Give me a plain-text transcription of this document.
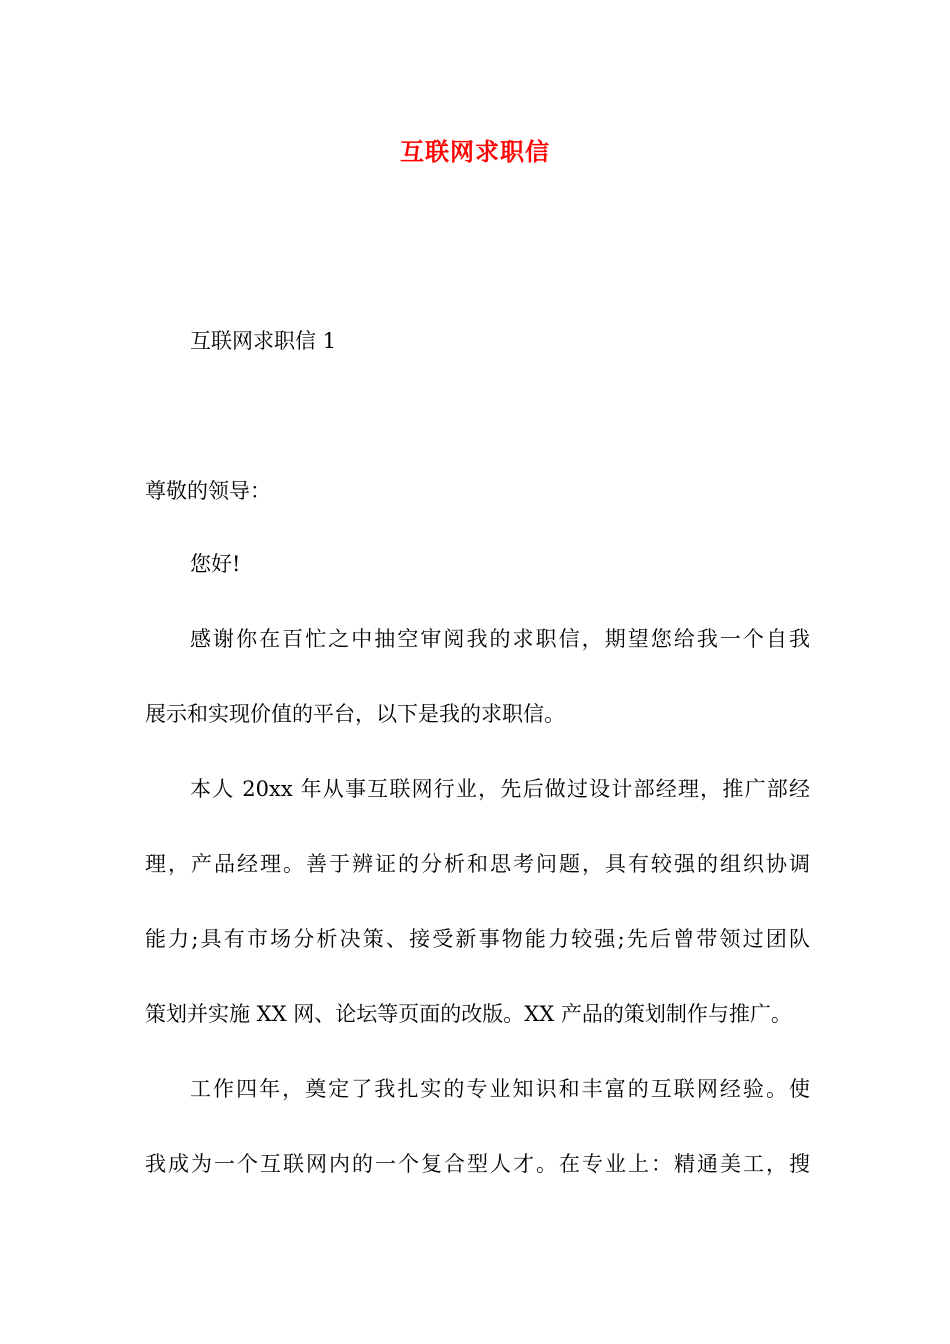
互联网求职信
互联网求职信 1
尊敬的领导：
您好!
感谢你在百忙之中抽空审阅我的求职信，期望您给我一个自我
展示和实现价值的平台，以下是我的求职信。
本人 20xx 年从事互联网行业，先后做过设计部经理，推广部经
理，产品经理。善于辨证的分析和思考问题，具有较强的组织协调
能力;具有市场分析决策、接受新事物能力较强;先后曾带领过团队
策划并实施 XX 网、论坛等页面的改版。XX 产品的策划制作与推广。
工作四年，奠定了我扎实的专业知识和丰富的互联网经验。使
我成为一个互联网内的一个复合型人才。在专业上：精通美工，搜
